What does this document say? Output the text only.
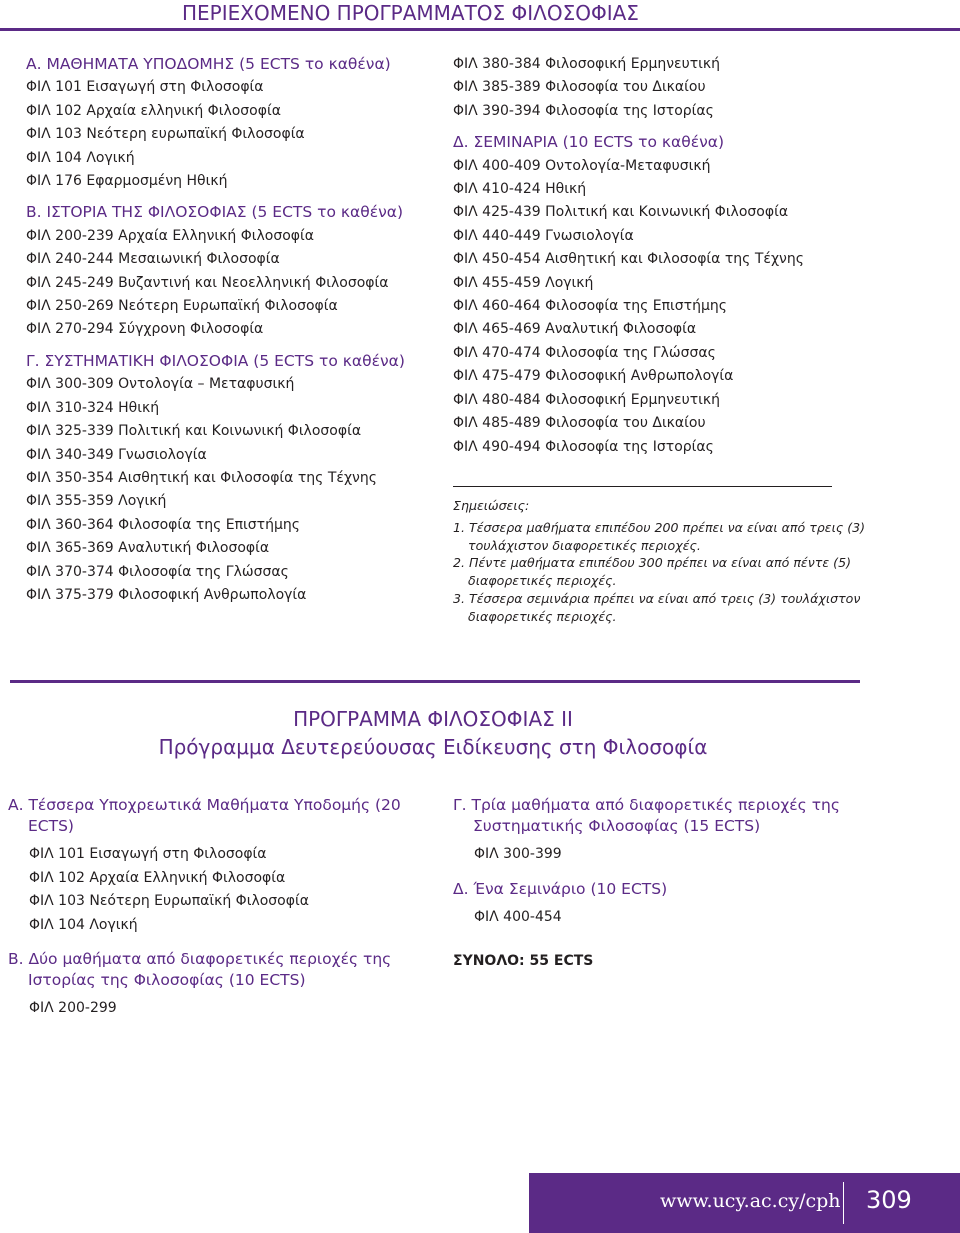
ΠΕΡΙΕΧΟΜΕΝΟ ΠΡΟΓΡΑΜΜΑΤΟΣ ΦΙΛΟΣΟΦΙΑΣ
Α. ΜΑΘΗΜΑΤΑ ΥΠΟΔΟΜΗΣ (5 ECTS το καθένα)
ΦΙΛ 101 Εισαγωγή στη Φιλοσοφία
ΦΙΛ 102 Αρχαία ελληνική Φιλοσοφία
ΦΙΛ 103 Νεότερη ευρωπαϊκή Φιλοσοφία
ΦΙΛ 104 Λογική
ΦΙΛ 176 Εφαρμοσμένη Ηθική
Β. ΙΣΤΟΡΙΑ ΤΗΣ ΦΙΛΟΣΟΦΙΑΣ (5 ECTS το καθένα)
ΦΙΛ 200-239 Αρχαία Ελληνική Φιλοσοφία
ΦΙΛ 240-244 Μεσαιωνική Φιλοσοφία
ΦΙΛ 245-249 Βυζαντινή και Νεοελληνική Φιλοσοφία
ΦΙΛ 250-269 Νεότερη Ευρωπαϊκή Φιλοσοφία
ΦΙΛ 270-294 Σύγχρονη Φιλοσοφία
Γ. ΣΥΣΤΗΜΑΤΙΚΗ ΦΙΛΟΣΟΦΙΑ (5 ECTS το καθένα)
ΦΙΛ 300-309 Οντολογία – Μεταφυσική
ΦΙΛ 310-324 Ηθική
ΦΙΛ 325-339 Πολιτική και Κοινωνική Φιλοσοφία
ΦΙΛ 340-349 Γνωσιολογία
ΦΙΛ 350-354 Αισθητική και Φιλοσοφία της Τέχνης
ΦΙΛ 355-359 Λογική
ΦΙΛ 360-364 Φιλοσοφία της Επιστήμης
ΦΙΛ 365-369 Αναλυτική Φιλοσοφία
ΦΙΛ 370-374 Φιλοσοφία της Γλώσσας
ΦΙΛ 375-379 Φιλοσοφική Ανθρωπολογία
ΦΙΛ 380-384 Φιλοσοφική Ερμηνευτική
ΦΙΛ 385-389 Φιλοσοφία του Δικαίου
ΦΙΛ 390-394 Φιλοσοφία της Ιστορίας
Δ. ΣΕΜΙΝΑΡΙΑ (10 ECTS το καθένα)
ΦΙΛ 400-409 Οντολογία-Μεταφυσική
ΦΙΛ 410-424 Ηθική
ΦΙΛ 425-439 Πολιτική και Κοινωνική Φιλοσοφία
ΦΙΛ 440-449 Γνωσιολογία
ΦΙΛ 450-454 Αισθητική και Φιλοσοφία της Τέχνης
ΦΙΛ 455-459 Λογική
ΦΙΛ 460-464 Φιλοσοφία της Επιστήμης
ΦΙΛ 465-469 Αναλυτική Φιλοσοφία
ΦΙΛ 470-474 Φιλοσοφία της Γλώσσας
ΦΙΛ 475-479 Φιλοσοφική Ανθρωπολογία
ΦΙΛ 480-484 Φιλοσοφική Ερμηνευτική
ΦΙΛ 485-489 Φιλοσοφία του Δικαίου
ΦΙΛ 490-494 Φιλοσοφία της Ιστορίας
Σημειώσεις:
1. Τέσσερα μαθήματα επιπέδου 200 πρέπει να είναι από τρεις (3) τουλάχιστον διαφορετικές περιοχές.
2. Πέντε μαθήματα επιπέδου 300 πρέπει να είναι από πέντε (5) διαφορετικές περιοχές.
3. Τέσσερα σεμινάρια πρέπει να είναι από τρεις (3) τουλάχιστον διαφορετικές περιοχές.
ΠΡΟΓΡΑΜΜΑ ΦΙΛΟΣΟΦΙΑΣ ΙΙ
Πρόγραμμα Δευτερεύουσας Ειδίκευσης στη Φιλοσοφία
Α. Τέσσερα Υποχρεωτικά Μαθήματα Υποδομής (20 ECTS)
ΦΙΛ 101 Εισαγωγή στη Φιλοσοφία
ΦΙΛ 102 Αρχαία Ελληνική Φιλοσοφία
ΦΙΛ 103 Νεότερη Ευρωπαϊκή Φιλοσοφία
ΦΙΛ 104 Λογική
Β. Δύο μαθήματα από διαφορετικές περιοχές της Ιστορίας της Φιλοσοφίας (10 ECTS)
ΦΙΛ 200-299
Γ. Τρία μαθήματα από διαφορετικές περιοχές της Συστηματικής Φιλοσοφίας (15 ECTS)
ΦΙΛ 300-399
Δ. Ένα Σεμινάριο (10 ECTS)
ΦΙΛ 400-454
ΣΥΝΟΛΟ: 55 ECTS
www.ucy.ac.cy/cph 309
